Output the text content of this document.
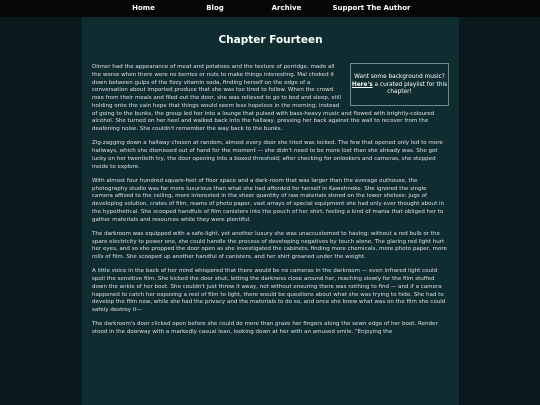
Home	Blog	Archive	Support The Author
Chapter Fourteen
Want some background music?
Here's a curated playlist for this chapter!

Dinner had the appearance of meat and potatoes and the texture of porridge, made all the worse when there were no berries or nuts to make things interesting. Mal choked it down between gulps of the fizzy vitamin soda, finding herself on the edge of a conversation about imported produce that she was too tired to follow. When the crowd rose from their meals and filed out the door, she was relieved to go to bed and sleep, still holding onto the vain hope that things would seem less hopeless in the morning; instead of going to the bunks, the group led her into a lounge that pulsed with bass-heavy music and flowed with brightly-coloured alcohol. She turned on her heel and walked back into the hallway, pressing her back against the wall to recover from the deafening noise. She couldn't remember the way back to the bunks.

Zig-zagging down a hallway chosen at random, almost every door she tried was locked. The few that opened only led to more hallways, which she dismissed out of hand for the moment — she didn't need to be more lost than she already was. She got lucky on her twentieth try, the door opening into a boxed threshold; after checking for onlookers and cameras, she stepped inside to explore.

With almost four hundred square-feet of floor space and a dark-room that was larger than the average outhouse, the photography studio was far more luxurious than what she had afforded for herself in Kawehnoke. She ignored the single camera affixed to the ceiling, more interested in the sheer quantity of raw materials stored on the lower shelves: jugs of developing solution, crates of film, reams of photo paper, vast arrays of special equipment she had only ever thought about in the hypothetical. She scooped handfuls of film canisters into the pouch of her shirt, feeling a kind of mania that obliged her to gather materials and resources while they were plentiful.

The darkroom was equipped with a safe-light, yet another luxury she was unaccustomed to having: without a red bulb or the spare electricity to power one, she could handle the process of developing negatives by touch alone. The glaring red light hurt her eyes, and so she propped the door open as she investigated the cabinets, finding more chemicals, more photo paper, more rolls of film. She scooped up another handful of canisters, and her shirt groaned under the weight.

A little voice in the back of her mind whispered that there would be no cameras in the darkroom — even infrared light could spoil the sensitive film. She kicked the door shut, letting the darkness close around her, reaching slowly for the film stuffed down the ankle of her boot. She couldn't just throw it away, not without ensuring there was nothing to find — and if a camera happened to catch her exposing a reel of film to light, there would be questions about what she was trying to hide. She had to develop the film now, while she had the privacy and the materials to do so, and once she knew what was on the film she could safely destroy it—

The darkroom's door clicked open before she could do more than graze her fingers along the sewn edge of her boot. Render stood in the doorway with a markedly casual lean, looking down at her with an amused smile. "Enjoying the
